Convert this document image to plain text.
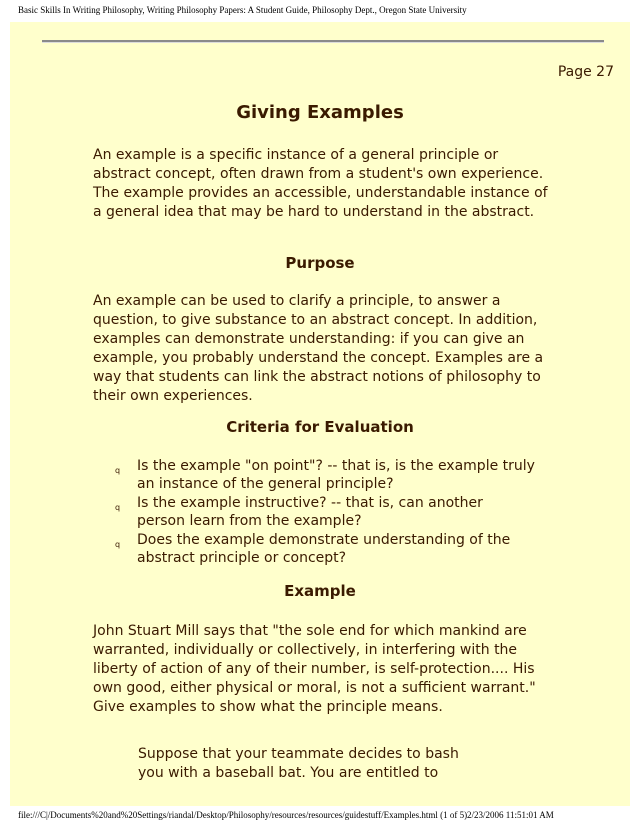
Basic Skills In Writing Philosophy, Writing Philosophy Papers: A Student Guide, Philosophy Dept., Oregon State University
Page 27
Giving Examples

An example is a specific instance of a general principle or abstract concept, often drawn from a student's own experience. The example provides an accessible, understandable instance of a general idea that may be hard to understand in the abstract.

Purpose

An example can be used to clarify a principle, to answer a question, to give substance to an abstract concept. In addition, examples can demonstrate understanding: if you can give an example, you probably understand the concept. Examples are a way that students can link the abstract notions of philosophy to their own experiences.

Criteria for Evaluation
q Is the example "on point"? -- that is, is the example truly an instance of the general principle?
q Is the example instructive? -- that is, can another person learn from the example?
q Does the example demonstrate understanding of the abstract principle or concept?
Example

John Stuart Mill says that "the sole end for which mankind are warranted, individually or collectively, in interfering with the liberty of action of any of their number, is self-protection.... His own good, either physical or moral, is not a sufficient warrant." Give examples to show what the principle means.

Suppose that your teammate decides to bash you with a baseball bat. You are entitled to

file:///C|/Documents%20and%20Settings/riandal/Desktop/Philosophy/resources/resources/guidestuff/Examples.html (1 of 5)2/23/2006 11:51:01 AM
